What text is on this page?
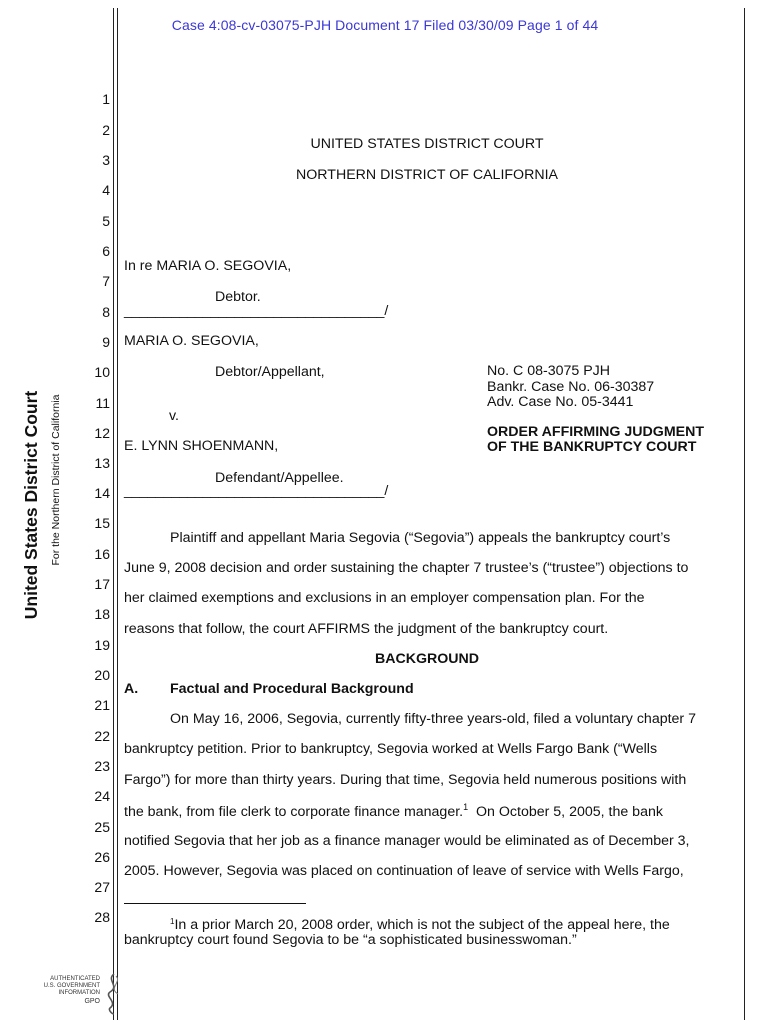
Case 4:08-cv-03075-PJH Document 17 Filed 03/30/09 Page 1 of 44
United States District Court For the Northern District of California
1
2
3
4
5
6
7
8
9
10
11
12
13
14
15
16
17
18
19
20
21
22
23
24
25
26
27
28
UNITED STATES DISTRICT COURT
NORTHERN DISTRICT OF CALIFORNIA
In re MARIA O. SEGOVIA,
Debtor.
_________________________________/
MARIA O. SEGOVIA,
Debtor/Appellant,
v.
E. LYNN SHOENMANN,
Defendant/Appellee.
_________________________________/
No. C 08-3075 PJH
Bankr. Case No. 06-30387
Adv. Case No. 05-3441
ORDER AFFIRMING JUDGMENT
OF THE BANKRUPTCY COURT
Plaintiff and appellant Maria Segovia (“Segovia”) appeals the bankruptcy court’s
June 9, 2008 decision and order sustaining the chapter 7 trustee’s (“trustee”) objections to
her claimed exemptions and exclusions in an employer compensation plan. For the
reasons that follow, the court AFFIRMS the judgment of the bankruptcy court.
BACKGROUND
A. Factual and Procedural Background
On May 16, 2006, Segovia, currently fifty-three years-old, filed a voluntary chapter 7
bankruptcy petition. Prior to bankruptcy, Segovia worked at Wells Fargo Bank (“Wells
Fargo”) for more than thirty years. During that time, Segovia held numerous positions with
the bank, from file clerk to corporate finance manager.$^1$ On October 5, 2005, the bank
notified Segovia that her job as a finance manager would be eliminated as of December 3,
2005. However, Segovia was placed on continuation of leave of service with Wells Fargo,
$^1$In a prior March 20, 2008 order, which is not the subject of the appeal here, the
bankruptcy court found Segovia to be “a sophisticated businesswoman.”
AUTHENTICATED
U.S. GOVERNMENT
INFORMATION
GPO
